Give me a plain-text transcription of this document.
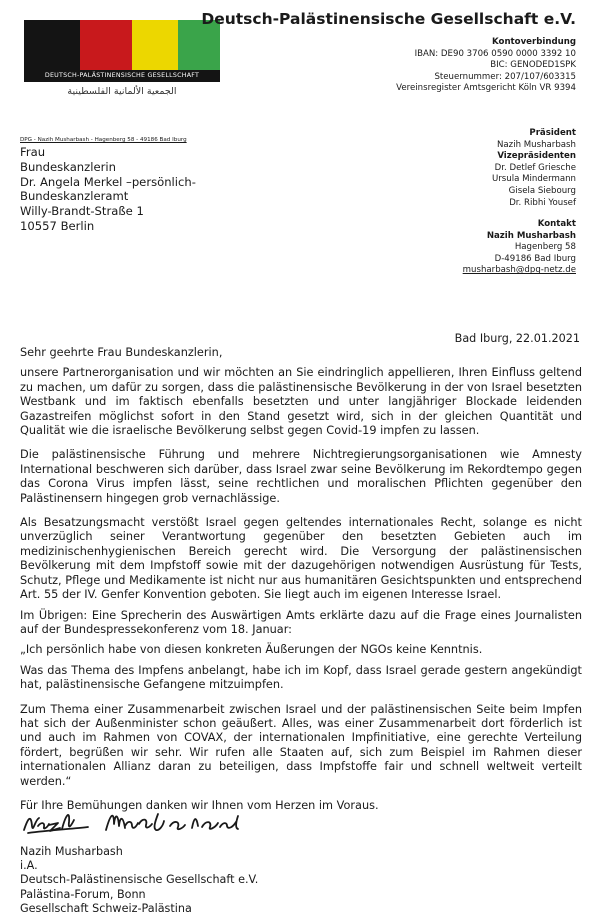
DEUTSCH-PALÄSTINENSISCHE GESELLSCHAFT
الجمعية الألمانية الفلسطينية
Deutsch-Palästinensische Gesellschaft e.V.
Kontoverbindung
IBAN: DE90 3706 0590 0000 3392 10
BIC: GENODED1SPK
Steuernummer: 207/107/603315
Vereinsregister Amtsgericht Köln VR 9394
Präsident
Nazih Musharbash
Vizepräsidenten
Dr. Detlef Griesche
Ursula Mindermann
Gisela Siebourg
Dr. Ribhi Yousef
Kontakt
Nazih Musharbash
Hagenberg 58
D-49186 Bad Iburg
musharbash@dpg-netz.de
DPG - Nazih Musharbash - Hagenberg 58 - 49186 Bad Iburg
Frau
Bundeskanzlerin
Dr. Angela Merkel –persönlich-
Bundeskanzleramt
Willy-Brandt-Straße 1
10557 Berlin
Bad Iburg, 22.01.2021

Sehr geehrte Frau Bundeskanzlerin,

unsere Partnerorganisation und wir möchten an Sie eindringlich appellieren, Ihren Einfluss geltend zu machen, um dafür zu sorgen, dass die palästinensische Bevölkerung in der von Israel besetzten Westbank und im faktisch ebenfalls besetzten und unter langjähriger Blockade leidenden Gazastreifen möglichst sofort in den Stand gesetzt wird, sich in der gleichen Quantität und Qualität wie die israelische Bevölkerung selbst gegen Covid-19 impfen zu lassen.

Die palästinensische Führung und mehrere Nichtregierungsorganisationen wie Amnesty International beschweren sich darüber, dass Israel zwar seine Bevölkerung im Rekordtempo gegen das Corona Virus impfen lässt, seine rechtlichen und moralischen Pflichten gegenüber den Palästinensern hingegen grob vernachlässige.

Als Besatzungsmacht verstößt Israel gegen geltendes internationales Recht, solange es nicht unverzüglich seiner Verantwortung gegenüber den besetzten Gebieten auch im medizinischenhygienischen Bereich gerecht wird. Die Versorgung der palästinensischen Bevölkerung mit dem Impfstoff sowie mit der dazugehörigen notwendigen Ausrüstung für Tests, Schutz, Pflege und Medikamente ist nicht nur aus humanitären Gesichtspunkten und entsprechend Art. 55 der IV. Genfer Konvention geboten. Sie liegt auch im eigenen Interesse Israel.

Im Übrigen: Eine Sprecherin des Auswärtigen Amts erklärte dazu auf die Frage eines Journalisten auf der Bundespressekonferenz vom 18. Januar:

„Ich persönlich habe von diesen konkreten Äußerungen der NGOs keine Kenntnis.

Was das Thema des Impfens anbelangt, habe ich im Kopf, dass Israel gerade gestern angekündigt hat, palästinensische Gefangene mitzuimpfen.

Zum Thema einer Zusammenarbeit zwischen Israel und der palästinensischen Seite beim Impfen hat sich der Außenminister schon geäußert. Alles, was einer Zusammenarbeit dort förderlich ist und auch im Rahmen von COVAX, der internationalen Impfinitiative, eine gerechte Verteilung fördert, begrüßen wir sehr. Wir rufen alle Staaten auf, sich zum Beispiel im Rahmen dieser internationalen Allianz daran zu beteiligen, dass Impfstoffe fair und schnell weltweit verteilt werden.“

Für Ihre Bemühungen danken wir Ihnen vom Herzen im Voraus.

Nazih Musharbash
i.A.
Deutsch-Palästinensische Gesellschaft e.V.
Palästina-Forum, Bonn
Gesellschaft Schweiz-Palästina
